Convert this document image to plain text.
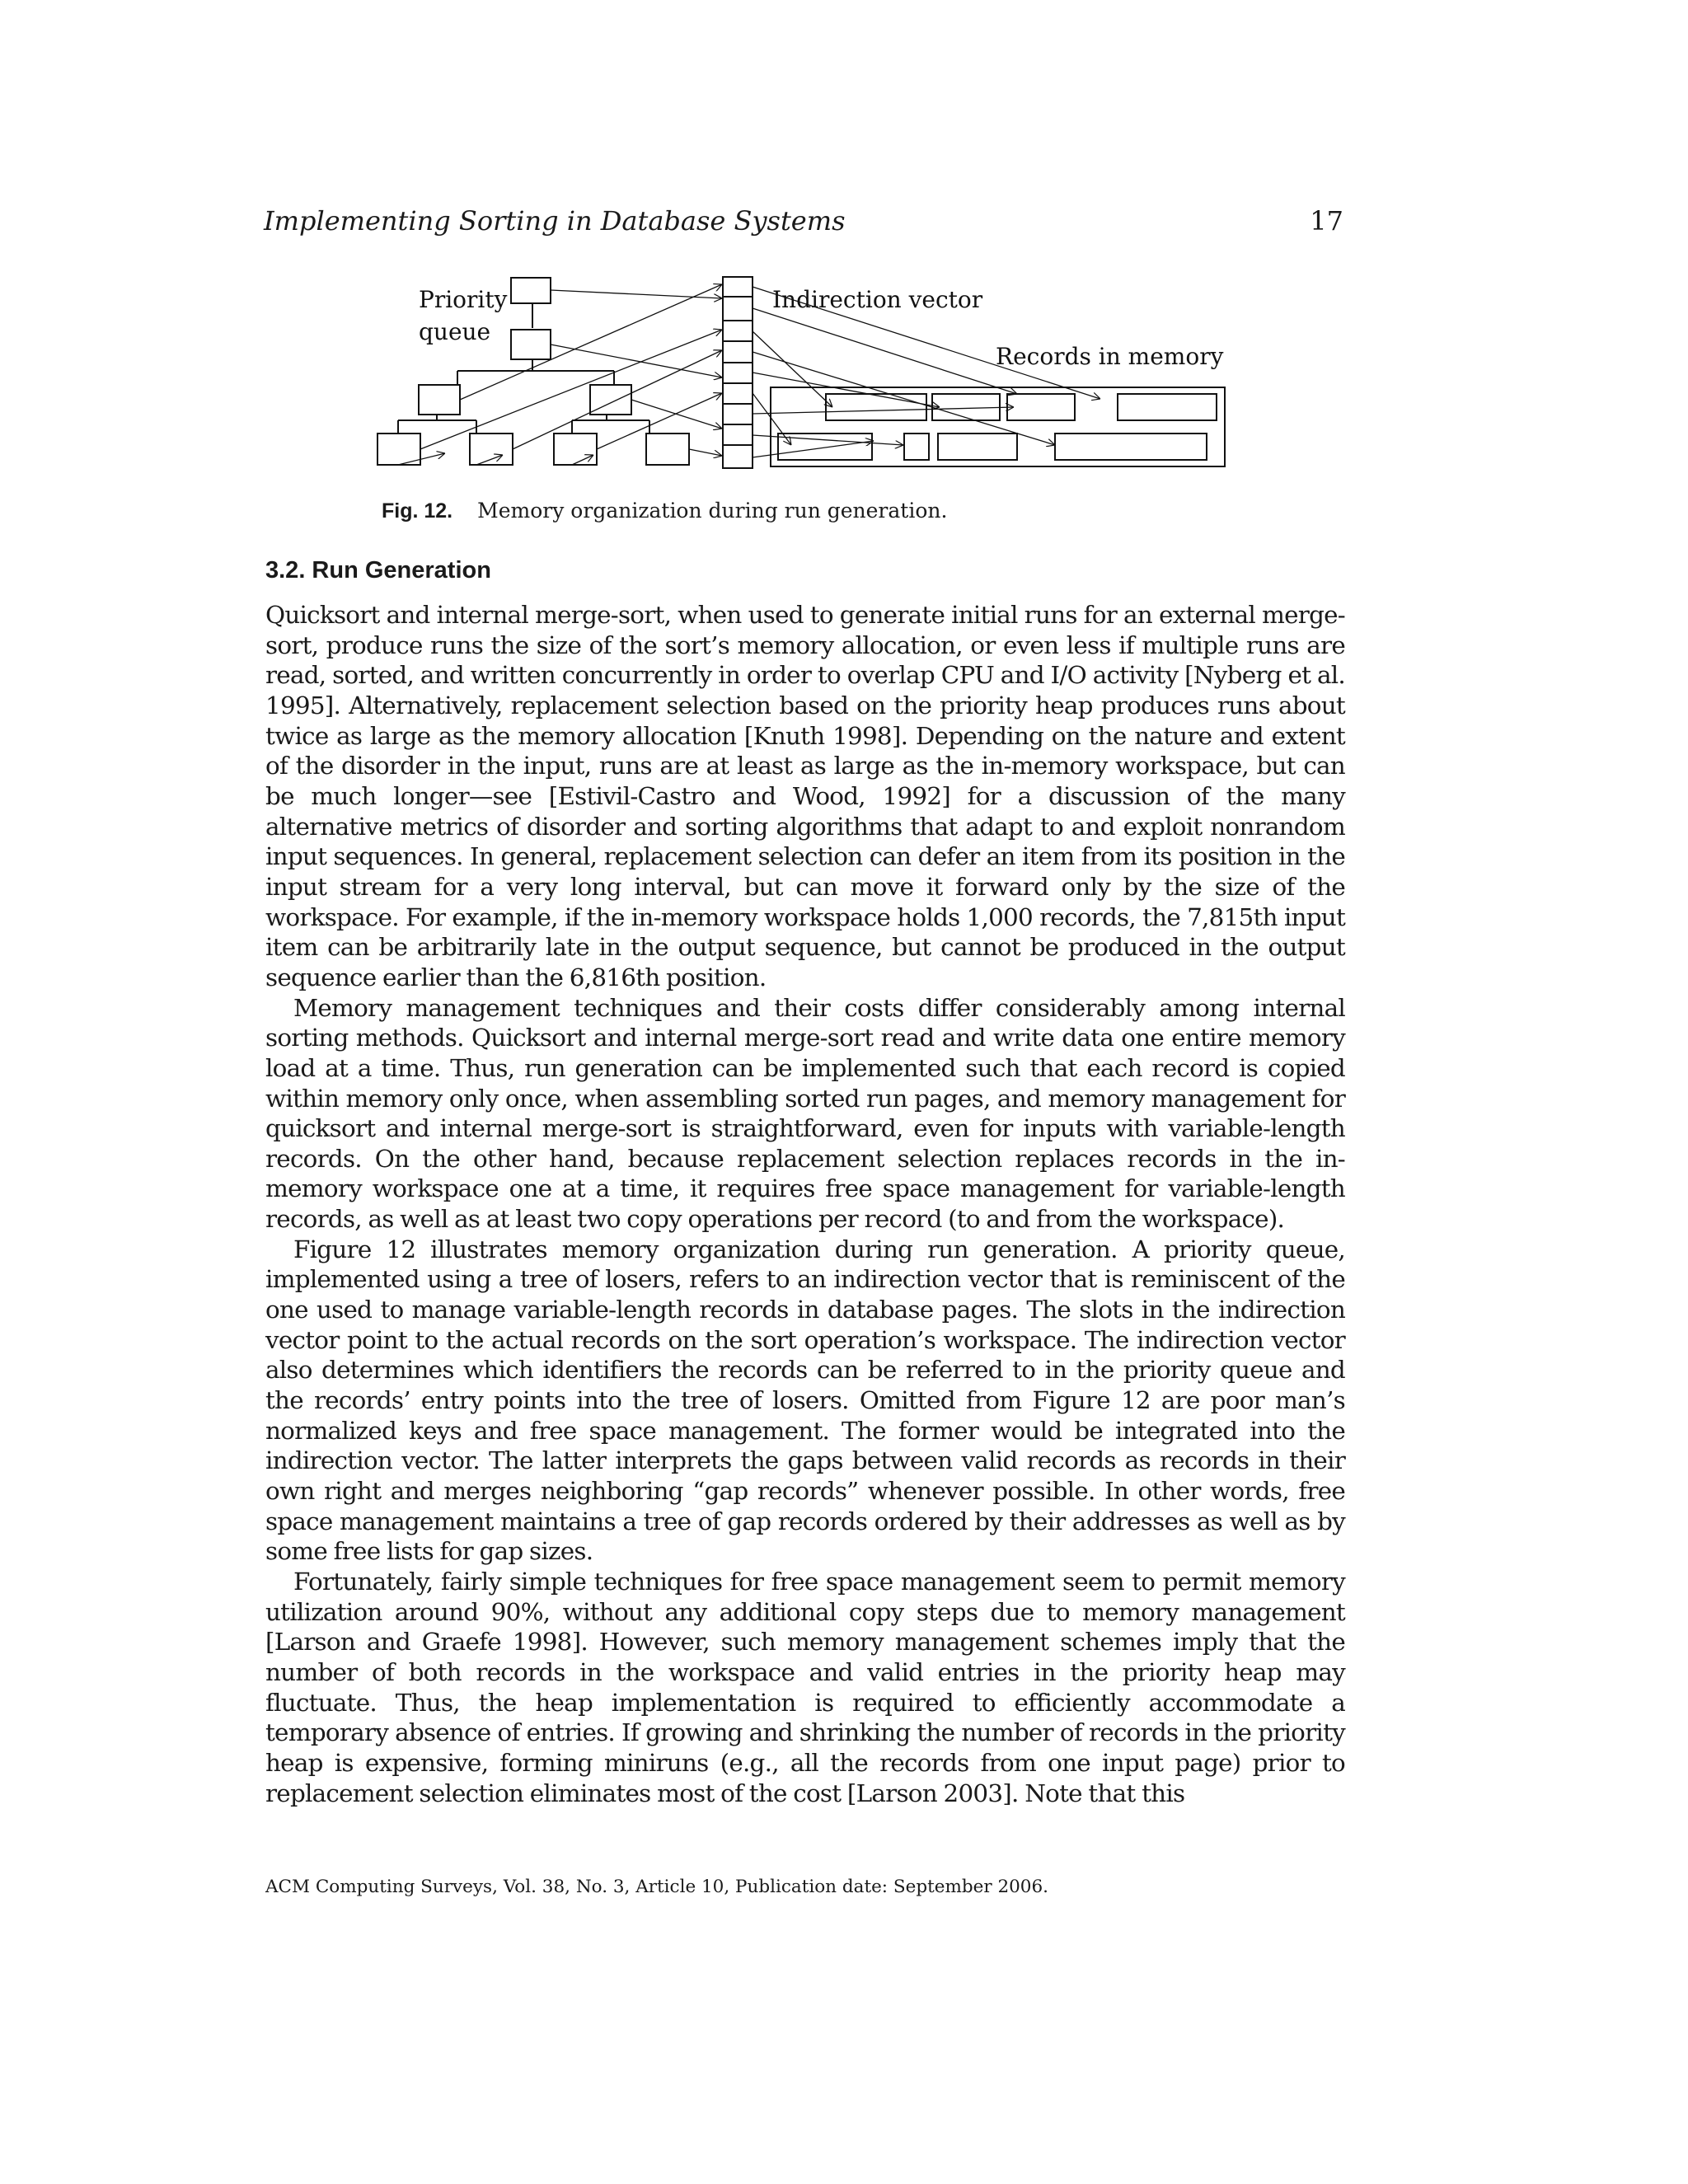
Implementing Sorting in Database Systems	17
Priority
queue
Indirection vector
Records in memory
Fig. 12. Memory organization during run generation.
3.2. Run Generation

Quicksort and internal merge-sort, when used to generate initial runs for an external merge-sort, produce runs the size of the sort’s memory allocation, or even less if multiple runs are read, sorted, and written concurrently in order to overlap CPU and I/O activity [Nyberg et al. 1995]. Alternatively, replacement selection based on the priority heap produces runs about twice as large as the memory allocation [Knuth 1998]. Depending on the nature and extent of the disorder in the input, runs are at least as large as the in-memory workspace, but can be much longer—see [Estivil-Castro and Wood, 1992] for a discussion of the many alternative metrics of disorder and sorting algorithms that adapt to and exploit nonrandom input sequences. In general, replacement selection can defer an item from its position in the input stream for a very long interval, but can move it forward only by the size of the workspace. For example, if the in-memory workspace holds 1,000 records, the 7,815th input item can be arbitrarily late in the output sequence, but cannot be produced in the output sequence earlier than the 6,816th position.

Memory management techniques and their costs differ considerably among internal sorting methods. Quicksort and internal merge-sort read and write data one entire memory load at a time. Thus, run generation can be implemented such that each record is copied within memory only once, when assembling sorted run pages, and memory management for quicksort and internal merge-sort is straightforward, even for inputs with variable-length records. On the other hand, because replacement selection replaces records in the in-memory workspace one at a time, it requires free space management for variable-length records, as well as at least two copy operations per record (to and from the workspace).

Figure 12 illustrates memory organization during run generation. A priority queue, implemented using a tree of losers, refers to an indirection vector that is reminiscent of the one used to manage variable-length records in database pages. The slots in the indirection vector point to the actual records on the sort operation’s workspace. The indirection vector also determines which identifiers the records can be referred to in the priority queue and the records’ entry points into the tree of losers. Omitted from Figure 12 are poor man’s normalized keys and free space management. The former would be integrated into the indirection vector. The latter interprets the gaps between valid records as records in their own right and merges neighboring “gap records” whenever possible. In other words, free space management maintains a tree of gap records ordered by their addresses as well as by some free lists for gap sizes.

Fortunately, fairly simple techniques for free space management seem to permit memory utilization around 90%, without any additional copy steps due to memory management [Larson and Graefe 1998]. However, such memory management schemes imply that the number of both records in the workspace and valid entries in the priority heap may fluctuate. Thus, the heap implementation is required to efficiently accommodate a temporary absence of entries. If growing and shrinking the number of records in the priority heap is expensive, forming miniruns (e.g., all the records from one input page) prior to replacement selection eliminates most of the cost [Larson 2003]. Note that this

ACM Computing Surveys, Vol. 38, No. 3, Article 10, Publication date: September 2006.
